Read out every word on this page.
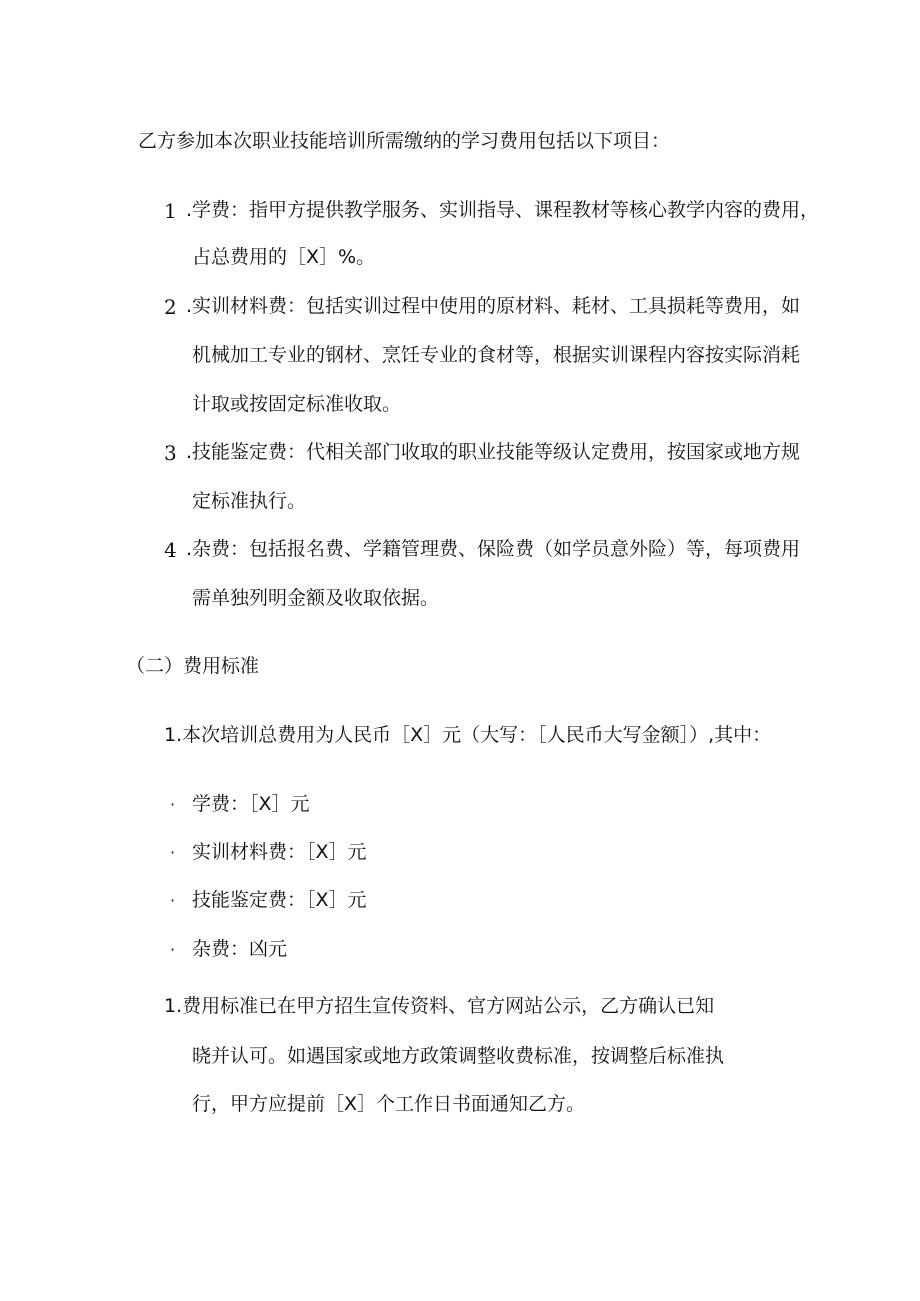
乙方参加本次职业技能培训所需缴纳的学习费用包括以下项目：
1 .学费：指甲方提供教学服务、实训指导、课程教材等核心教学内容的费用，
占总费用的［X］%。
2 .实训材料费：包括实训过程中使用的原材料、耗材、工具损耗等费用，如
机械加工专业的钢材、烹饪专业的食材等，根据实训课程内容按实际消耗
计取或按固定标准收取。
3 .技能鉴定费：代相关部门收取的职业技能等级认定费用，按国家或地方规
定标准执行。
4 .杂费：包括报名费、学籍管理费、保险费（如学员意外险）等，每项费用
需单独列明金额及收取依据。
（二）费用标准
1.本次培训总费用为人民币［X］元（大写：［人民币大写金额］）,其中：
· 学费：［X］元
· 实训材料费：［X］元
· 技能鉴定费：［X］元
· 杂费：凶元
1.费用标准已在甲方招生宣传资料、官方网站公示，乙方确认已知
晓并认可。如遇国家或地方政策调整收费标准，按调整后标准执
行，甲方应提前［X］个工作日书面通知乙方。
